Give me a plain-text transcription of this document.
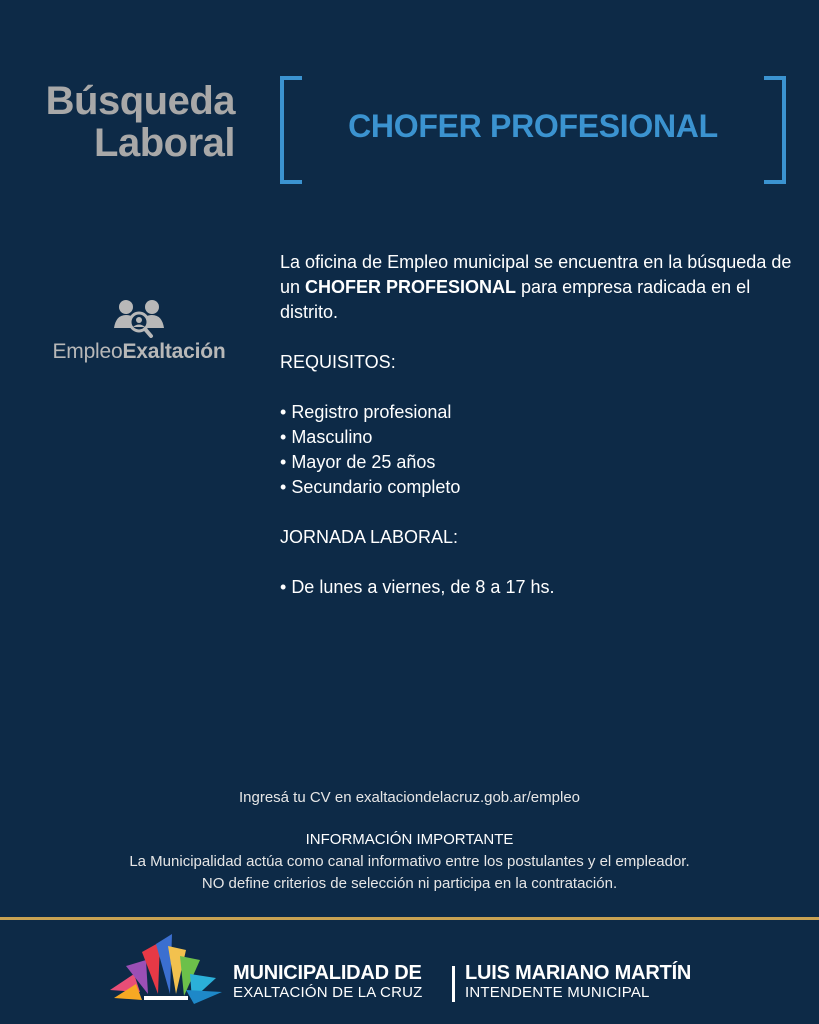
Búsqueda
Laboral	CHOFER PROFESIONAL
EmpleoExaltación

La oficina de Empleo municipal se encuentra en la búsqueda de un CHOFER PROFESIONAL para empresa radicada en el distrito.

REQUISITOS:

• Registro profesional

• Masculino

• Mayor de 25 años

• Secundario completo

JORNADA LABORAL:

• De lunes a viernes, de 8 a 17 hs.

Ingresá tu CV en exaltaciondelacruz.gob.ar/empleo
INFORMACIÓN IMPORTANTE
La Municipalidad actúa como canal informativo entre los postulantes y el empleador.
NO define criterios de selección ni participa en la contratación.
MUNICIPALIDAD DE
EXALTACIÓN DE LA CRUZ
LUIS MARIANO MARTÍN
INTENDENTE MUNICIPAL
